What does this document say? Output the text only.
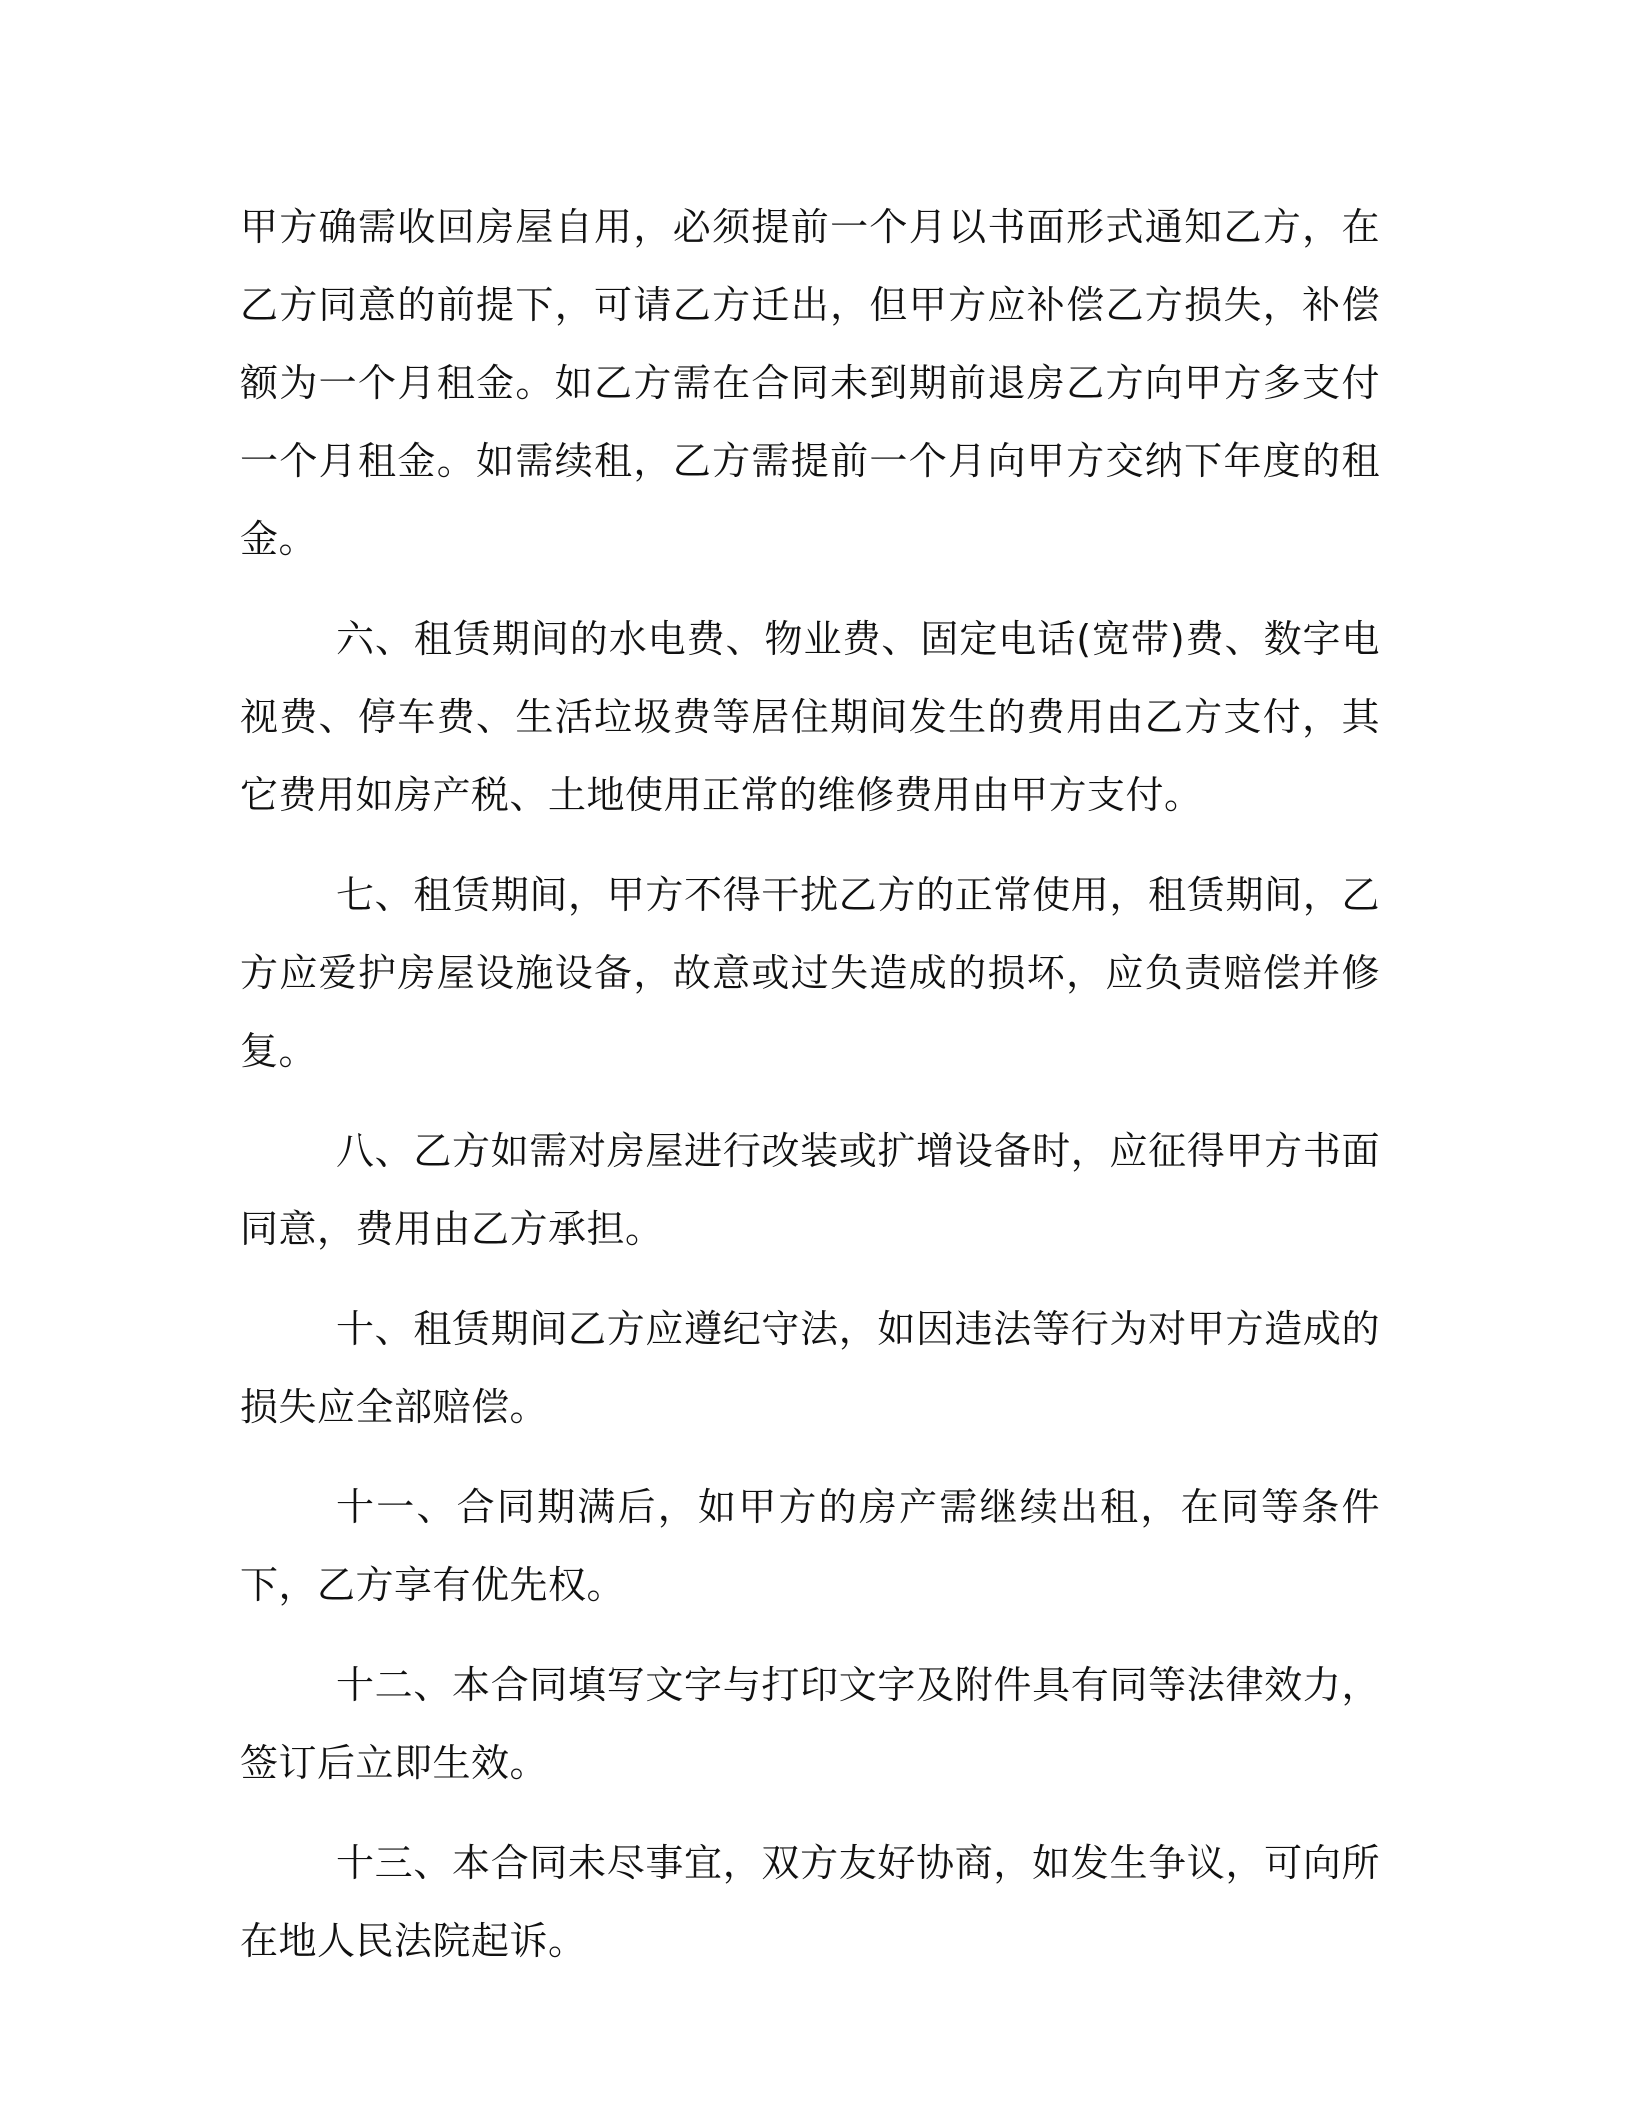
甲方确需收回房屋自用，必须提前一个月以书面形式通知乙方，在乙方同意的前提下，可请乙方迁出，但甲方应补偿乙方损失，补偿额为一个月租金。如乙方需在合同未到期前退房乙方向甲方多支付一个月租金。如需续租，乙方需提前一个月向甲方交纳下年度的租金。

六、租赁期间的水电费、物业费、固定电话(宽带)费、数字电视费、停车费、生活垃圾费等居住期间发生的费用由乙方支付，其它费用如房产税、土地使用正常的维修费用由甲方支付。

七、租赁期间，甲方不得干扰乙方的正常使用，租赁期间，乙方应爱护房屋设施设备，故意或过失造成的损坏，应负责赔偿并修复。

八、乙方如需对房屋进行改装或扩增设备时，应征得甲方书面同意，费用由乙方承担。

十、租赁期间乙方应遵纪守法，如因违法等行为对甲方造成的损失应全部赔偿。

十一、合同期满后，如甲方的房产需继续出租，在同等条件下，乙方享有优先权。

十二、本合同填写文字与打印文字及附件具有同等法律效力，签订后立即生效。

十三、本合同未尽事宜，双方友好协商，如发生争议，可向所在地人民法院起诉。
